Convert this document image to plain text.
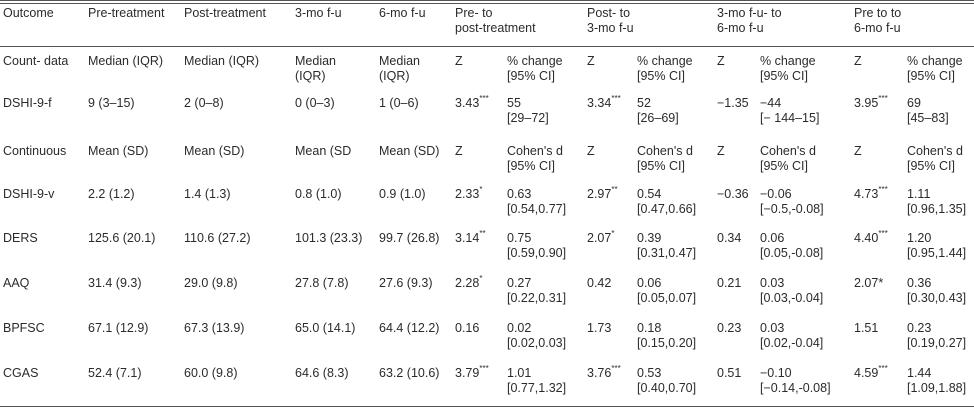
Outcome	Pre-treatment	Post-treatment	3-mo f-u	6-mo f-u	Pre- to
post-treatment		Post- to
3-mo f-u		3-mo f-u- to
6-mo f-u		Pre to to
6-mo f-u	

Count- data	Median (IQR)	Median (IQR)	Median
(IQR)	Median
(IQR)	Z	% change
[95% CI]	Z	% change
[95% CI]	Z	% change
[95% CI]	Z	% change
[95% CI]

DSHI-9-f	9 (3–15)	2 (0–8)	0 (0–3)	1 (0–6)	3.43***	55
[29–72]	3.34***	52
[26–69]	−1.35	−44
[− 144–15]	3.95***	69
[45–83]

Continuous	Mean (SD)	Mean (SD)	Mean (SD	Mean (SD)	Z	Cohen's d
[95% CI]	Z	Cohen's d
[95% CI]	Z	Cohen's d
[95% CI]	Z	Cohen's d
[95% CI]

DSHI-9-v	2.2 (1.2)	1.4 (1.3)	0.8 (1.0)	0.9 (1.0)	2.33*	0.63
[0.54,0.77]	2.97**	0.54
[0.47,0.66]	−0.36	−0.06
[−0.5,-0.08]	4.73***	1.11
[0.96,1.35]

DERS	125.6 (20.1)	110.6 (27.2)	101.3 (23.3)	99.7 (26.8)	3.14**	0.75
[0.59,0.90]	2.07*	0.39
[0.31,0.47]	0.34	0.06
[0.05,-0.08]	4.40***	1.20
[0.95,1.44]

AAQ	31.4 (9.3)	29.0 (9.8)	27.8 (7.8)	27.6 (9.3)	2.28*	0.27
[0.22,0.31]	0.42	0.06
[0.05,0.07]	0.21	0.03
[0.03,-0.04]	2.07*	0.36
[0.30,0.43]

BPFSC	67.1 (12.9)	67.3 (13.9)	65.0 (14.1)	64.4 (12.2)	0.16	0.02
[0.02,0.03]	1.73	0.18
[0.15,0.20]	0.23	0.03
[0.02,-0.04]	1.51	0.23
[0.19,0.27]

CGAS	52.4 (7.1)	60.0 (9.8)	64.6 (8.3)	63.2 (10.6)	3.79***	1.01
[0.77,1.32]	3.76***	0.53
[0.40,0.70]	0.51	−0.10
[−0.14,-0.08]	4.59***	1.44
[1.09,1.88]
